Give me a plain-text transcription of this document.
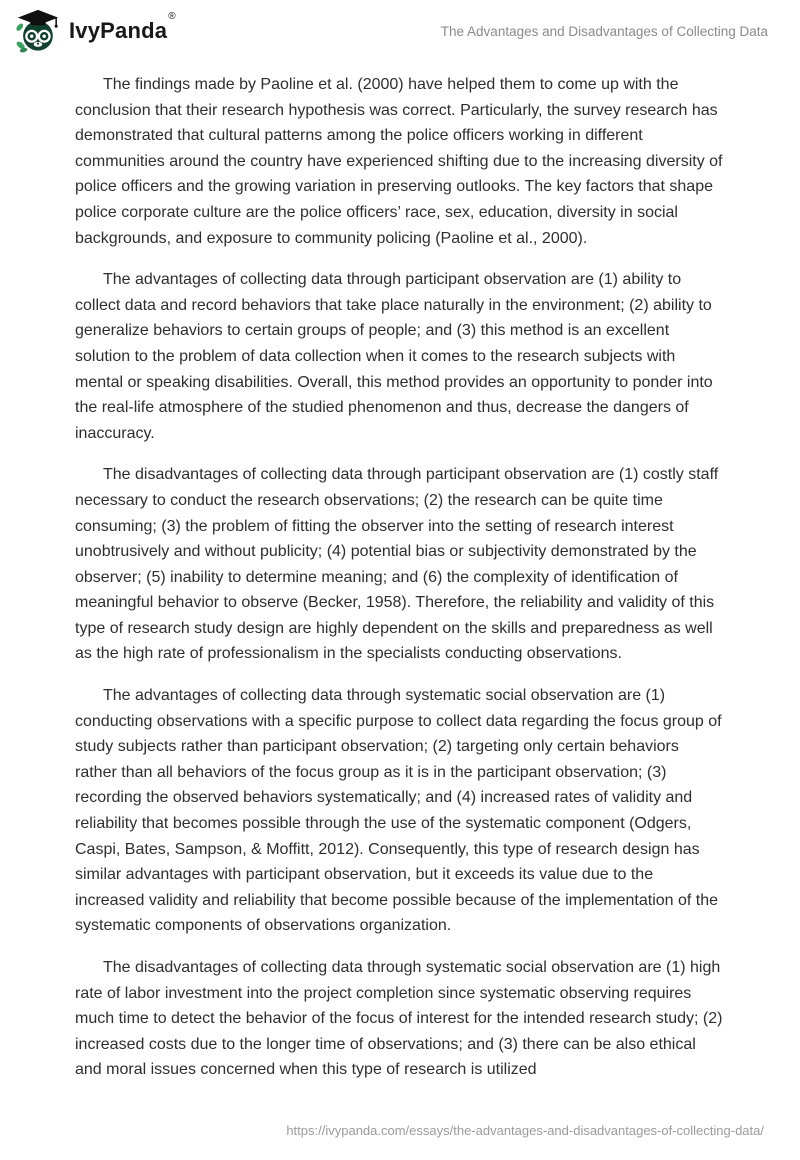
IvyPanda®
The Advantages and Disadvantages of Collecting Data

The findings made by Paoline et al. (2000) have helped them to come up with the conclusion that their research hypothesis was correct. Particularly, the survey research has demonstrated that cultural patterns among the police officers working in different communities around the country have experienced shifting due to the increasing diversity of police officers and the growing variation in preserving outlooks. The key factors that shape police corporate culture are the police officers’ race, sex, education, diversity in social backgrounds, and exposure to community policing (Paoline et al., 2000).

The advantages of collecting data through participant observation are (1) ability to collect data and record behaviors that take place naturally in the environment; (2) ability to generalize behaviors to certain groups of people; and (3) this method is an excellent solution to the problem of data collection when it comes to the research subjects with mental or speaking disabilities. Overall, this method provides an opportunity to ponder into the real-life atmosphere of the studied phenomenon and thus, decrease the dangers of inaccuracy.

The disadvantages of collecting data through participant observation are (1) costly staff necessary to conduct the research observations; (2) the research can be quite time consuming; (3) the problem of fitting the observer into the setting of research interest unobtrusively and without publicity; (4) potential bias or subjectivity demonstrated by the observer; (5) inability to determine meaning; and (6) the complexity of identification of meaningful behavior to observe (Becker, 1958). Therefore, the reliability and validity of this type of research study design are highly dependent on the skills and preparedness as well as the high rate of professionalism in the specialists conducting observations.

The advantages of collecting data through systematic social observation are (1) conducting observations with a specific purpose to collect data regarding the focus group of study subjects rather than participant observation; (2) targeting only certain behaviors rather than all behaviors of the focus group as it is in the participant observation; (3) recording the observed behaviors systematically; and (4) increased rates of validity and reliability that becomes possible through the use of the systematic component (Odgers, Caspi, Bates, Sampson, & Moffitt, 2012). Consequently, this type of research design has similar advantages with participant observation, but it exceeds its value due to the increased validity and reliability that become possible because of the implementation of the systematic components of observations organization.

The disadvantages of collecting data through systematic social observation are (1) high rate of labor investment into the project completion since systematic observing requires much time to detect the behavior of the focus of interest for the intended research study; (2) increased costs due to the longer time of observations; and (3) there can be also ethical and moral issues concerned when this type of research is utilized

https://ivypanda.com/essays/the-advantages-and-disadvantages-of-collecting-data/
